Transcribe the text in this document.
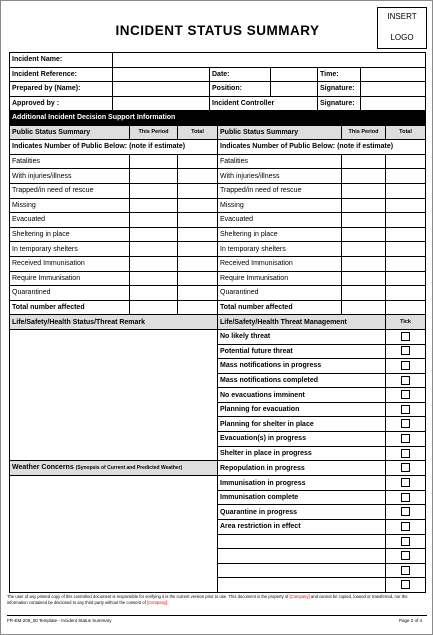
INCIDENT STATUS SUMMARY
INSERT
LOGO
Incident Name:					
Incident Reference:		Date:		Time:	
Prepared by (Name):		Position:		Signature:	
Approved by :		Incident Controller		Signature:	
Additional Incident Decision Support Information					
Public Status Summary	This Period	Total	Public Status Summary	This Period	Total
Indicates Number of Public Below: (note if estimate)			Indicates Number of Public Below: (note if estimate)		
Fatalities			Fatalities		
With injuries/illness			With injuries/illness		
Trapped/in need of rescue			Trapped/in need of rescue		
Missing			Missing		
Evacuated			Evacuated		
Sheltering in place			Sheltering in place		
In temporary shelters			In temporary shelters		
Received Immunisation			Received Immunisation		
Require Immunisation			Require Immunisation		
Quarantined			Quarantined		
Total number affected			Total number affected		
Life/Safety/Health Status/Threat Remark			Life/Safety/Health Threat Management		Tick
			No likely threat		
			Potential future threat		
			Mass notifications in progress		
			Mass notifications completed		
			No evacuations imminent		
			Planning for evacuation		
			Planning for shelter in place		
			Evacuation(s) in progress		
			Shelter in place in progress		
Weather Concerns (Synopsis of Current and Predicted Weather)			Repopulation in progress		
			Immunisation in progress		
			Immunisation complete		
			Quarantine in progress		
			Area restriction in effect		

The user of any printed copy of this controlled document is responsible for verifying it is the current version prior to use. This document is the property of [Company] and cannot be copied, loaned or transferred, nor the information contained be disclosed to any third party without the consent of [Company].
FR-EM-209_00 Template - Incident Status Summary	Page 2 of 4
